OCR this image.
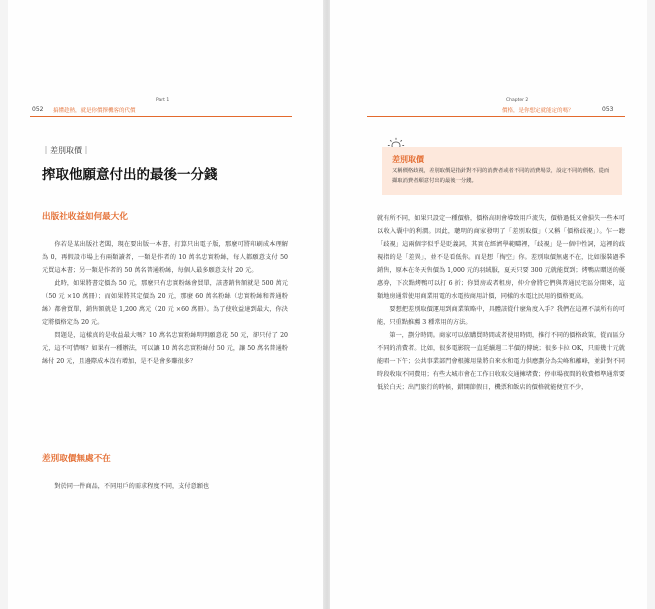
052 搞懂趁熱，就是你價擇機客的代價
Part 1
｜差別取價｜
搾取他願意付出的最後一分錢
出版社收益如何最大化

你若是某出版社老闆，現在要出版一本書，打算只出電子版，那麼可將印刷成本理解為 0，再假設市場上有兩類讀者，一類是作者的 10 萬名忠實粉絲，每人都願意支付 50 元買這本書；另一類是作者的 50 萬名普通粉絲，每個人最多願意支付 20 元。

此時，如果將書定價為 50 元，那麼只有忠實粉絲會買單，該書銷售額就是 500 萬元（50 元 ×10 萬冊）；而如果將其定價為 20 元，那麼 60 萬名粉絲（忠實粉絲和普通粉絲）都會買單，銷售額就是 1,200 萬元（20 元 ×60 萬冊）。為了使收益達到最大，你決定將價格定為 20 元。

問題是，這樣真的是收益最大嗎？10 萬名忠實粉絲明明願意花 50 元，卻只付了 20 元，這不可惜嗎？如果有一種辦法，可以讓 10 萬名忠實粉絲付 50 元，讓 50 萬名普通粉絲付 20 元，且邊際成本沒有增加，是不是會多賺很多？

差別取價無處不在

對於同一件商品，不同用戶的需求程度不同，支付意願也

Chapter 2
價格，是你想定就能定的嗎？	053
差別取價
又稱價格歧視，差別取價是指針對不同的消費者或者不同的消費場景，設定不同的價格，從而擷取消費者願意付出的最後一分錢。

就有所不同，如果只設定一種價格，價格高則會導致用戶流失，價格過低又會損失一些本可以收入囊中的利潤。因此，聰明的商家發明了「差別取價」（又稱「價格歧視」）。乍一聽「歧視」這兩個字似乎是貶義詞，其實在經濟學範疇裡，「歧視」是一個中性詞，這裡的歧視指的是「差異」，並不是看低你。而是想「掏空」你。差別取價無處不在，比如服裝過季銷售，原本在冬天售價為 1,000 元的羽絨服，夏天只要 300 元就能買到；烤鴨店贈送的優惠券，下次點烤鴨可以打 6 折；你買房或者租房，仲介會將它們與普通民宅區分開來，這類地房通常使用商業用電的水電按商用計價，同樣的水電比民用的價格更高。

要想把差別取價運用到商業策略中，具體該從什麼角度入手？我們在這裡不談所有的可能，只重點推薦 3 種常用的方法。

第一，劃分時間。商家可以依購買時間或者使用時間，推行不同的價格政策，從而區分不同的消費者。比如，很多電影院一直延續週二半價的傳統；很多卡拉 OK，只需幾十元就能唱一下午；公共事業部門會根據用量將自來水和電力供應劃分為尖峰和離峰，並針對不同時段收取不同費用；有些大城市會在工作日收取交通擁堵費；停車場夜間的收費標準通常要低於白天；出門旅行的時候，錯開節假日，機票和飯店的價格就能便宜不少，
